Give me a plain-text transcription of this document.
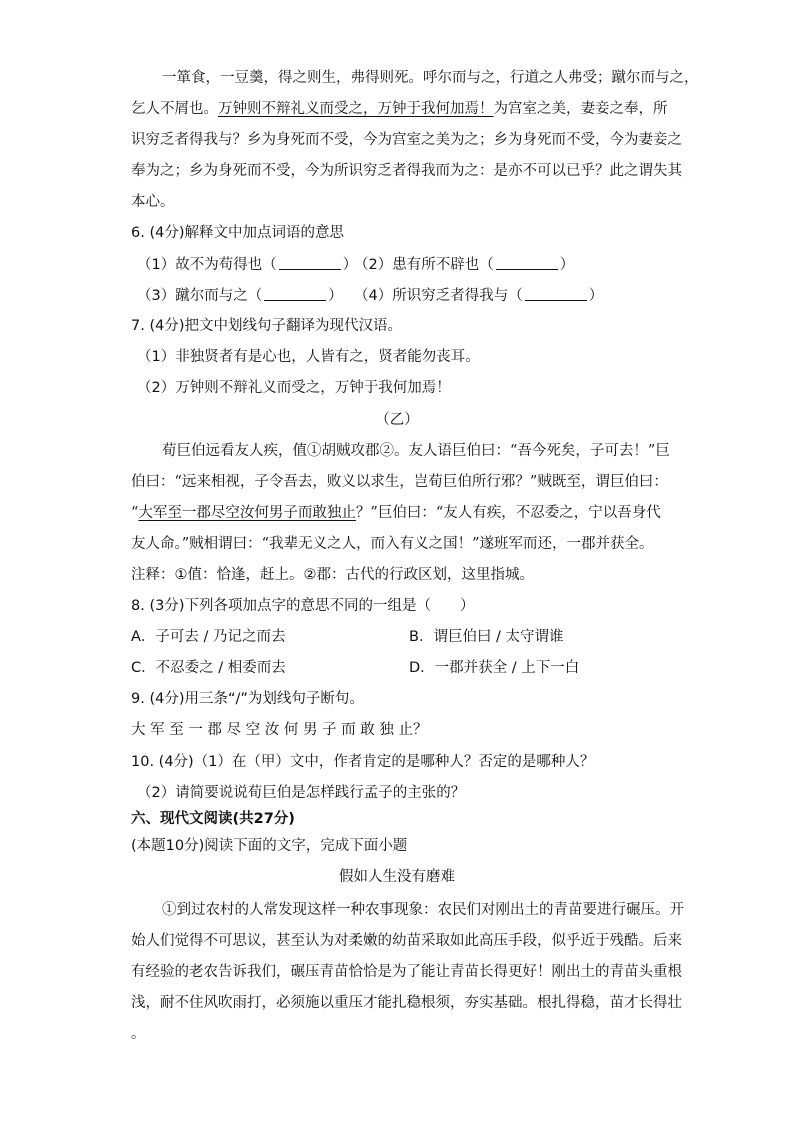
一箪食，一豆羹，得之则生，弗得则死。呼尔而与之，行道之人弗受；蹴尔而与之，
乞人不屑也。万钟则不辩礼义而受之，万钟于我何加焉！为宫室之美，妻妾之奉，所
识穷乏者得我与？乡为身死而不受，今为宫室之美为之；乡为身死而不受，今为妻妾之
奉为之；乡为身死而不受，今为所识穷乏者得我而为之：是亦不可以已乎？此之谓失其
本心。
6. (4分)解释文中加点词语的意思
（1）故不为苟得也（	）
（2）患有所不辟也（	）
（3）蹴尔而与之（	） （4）所识穷乏者得我与（	）
7. (4分)把文中划线句子翻译为现代汉语。
（1）非独贤者有是心也，人皆有之，贤者能勿丧耳。
（2）万钟则不辩礼义而受之，万钟于我何加焉！
（乙）
荀巨伯远看友人疾，值①胡贼攻郡②。友人语巨伯曰：“吾今死矣，子可去！”巨
伯曰：“远来相视，子令吾去，败义以求生，岂荀巨伯所行邪？”贼既至，谓巨伯曰：
“大军至一郡尽空汝何男子而敢独止？”巨伯曰：“友人有疾，不忍委之，宁以吾身代
友人命。”贼相谓曰：“我辈无义之人，而入有义之国！”遂班军而还，一郡并获全。
注释：①值：恰逢，赶上。②郡：古代的行政区划，这里指城。
8. (3分)下列各项加点字的意思不同的一组是（　　）
A．子可去 / 乃记之而去	B．谓巨伯曰 / 太守谓谁
C．不忍委之 / 相委而去	D．一郡并获全 / 上下一白
9. (4分)用三条“/”为划线句子断句。
大 军 至 一 郡 尽 空 汝 何 男 子 而 敢 独 止？
10. (4分)（1）在（甲）文中，作者肯定的是哪种人？否定的是哪种人？
（2）请简要说说荀巨伯是怎样践行孟子的主张的？
六、现代文阅读(共27分)
(本题10分)阅读下面的文字，完成下面小题
假如人生没有磨难
①到过农村的人常发现这样一种农事现象：农民们对刚出土的青苗要进行碾压。开
始人们觉得不可思议，甚至认为对柔嫩的幼苗采取如此高压手段，似乎近于残酷。后来
有经验的老农告诉我们，碾压青苗恰恰是为了能让青苗长得更好！刚出土的青苗头重根
浅，耐不住风吹雨打，必须施以重压才能扎稳根须，夯实基础。根扎得稳，苗才长得壮
。
